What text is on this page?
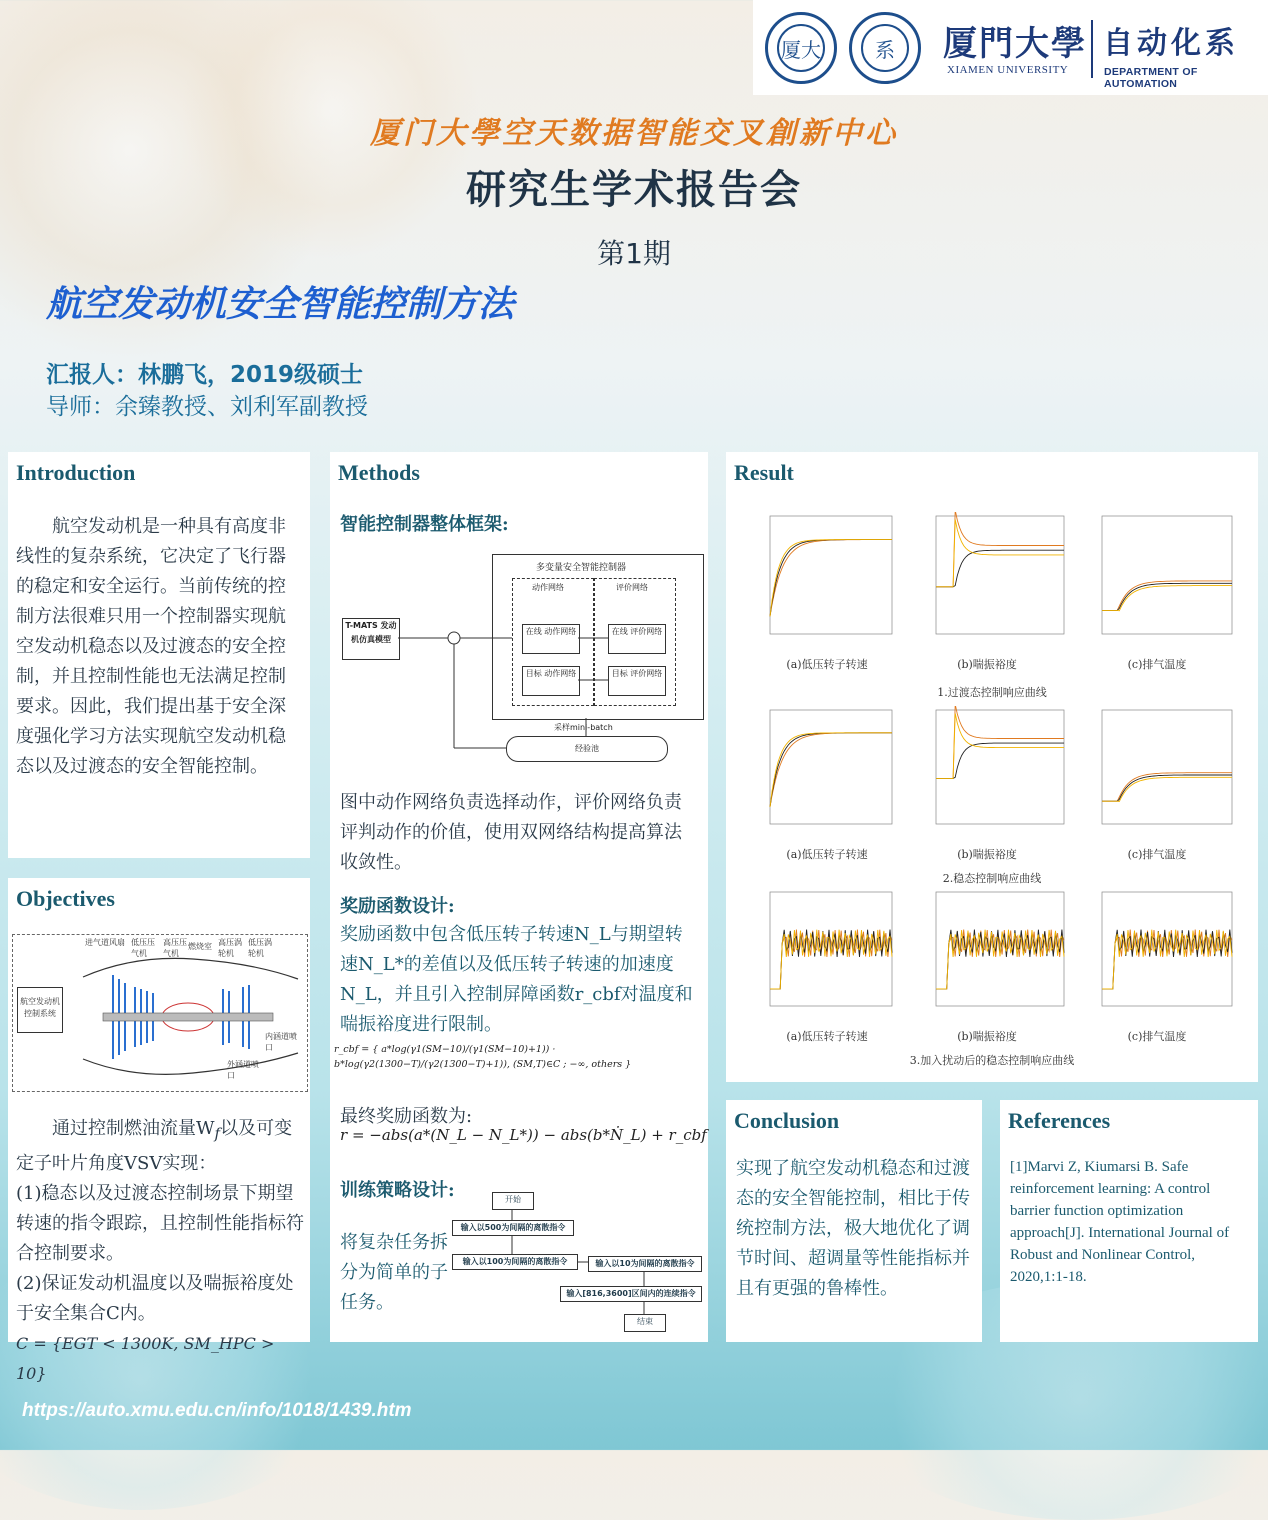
厦大	系	厦門大學
XIAMEN UNIVERSITY
自动化系
DEPARTMENT OF AUTOMATION
厦门大學空天数据智能交叉創新中心
研究生学术报告会
第1期
航空发动机安全智能控制方法
汇报人：林鹏飞，2019级硕士
导师：余臻教授、刘利军副教授
Introduction
航空发动机是一种具有高度非线性的复杂系统，它决定了飞行器的稳定和安全运行。当前传统的控制方法很难只用一个控制器实现航空发动机稳态以及过渡态的安全控制，并且控制性能也无法满足控制要求。因此，我们提出基于安全深度强化学习方法实现航空发动机稳态以及过渡态的安全智能控制。
Objectives
航空发动机控制系统
进气道风扇 低压压气机
高压压气机
燃烧室 高压涡轮机
低压涡轮机
内涵道喷口
外涵道喷口
通过控制燃油流量$W_f$以及可变定子叶片角度VSV实现：
(1)稳态以及过渡态控制场景下期望转速的指令跟踪，且控制性能指标符合控制要求。
(2)保证发动机温度以及喘振裕度处于安全集合C内。
C = {EGT < 1300K, SM_HPC > 10}
Methods
智能控制器整体框架:
多变量安全智能控制器
动作网络	评价网络
在线 动作网络
目标 动作网络
在线 评价网络
目标 评价网络
T-MATS 发动机仿真模型
经验池
采样mini-batch
图中动作网络负责选择动作，评价网络负责评判动作的价值，使用双网络结构提高算法收敛性。
奖励函数设计:
奖励函数中包含低压转子转速N_L与期望转速N_L*的差值以及低压转子转速的加速度N_L，并且引入控制屏障函数r_cbf对温度和喘振裕度进行限制。
r_cbf = { a*log(γ1(SM−10)/(γ1(SM−10)+1)) · b*log(γ2(1300−T)/(γ2(1300−T)+1)), (SM,T)∈C ; −∞, others }
最终奖励函数为:
r = −abs(a*(N_L − N_L*)) − abs(b*Ṅ_L) + r_cbf
训练策略设计:
将复杂任务拆分为简单的子任务。
开始
输入以500为间隔的离散指令
输入以100为间隔的离散指令	输入以10为间隔的离散指令
输入[816,3600]区间内的连续指令
结束
Result
(a)低压转子转速	(b)喘振裕度	(c)排气温度
1.过渡态控制响应曲线
(a)低压转子转速	(b)喘振裕度	(c)排气温度
2.稳态控制响应曲线
(a)低压转子转速	(b)喘振裕度	(c)排气温度
3.加入扰动后的稳态控制响应曲线
Conclusion
实现了航空发动机稳态和过渡态的安全智能控制，相比于传统控制方法，极大地优化了调节时间、超调量等性能指标并且有更强的鲁棒性。
References
[1]Marvi Z, Kiumarsi B. Safe reinforcement learning: A control barrier function optimization approach[J]. International Journal of Robust and Nonlinear Control, 2020,1:1-18.
https://auto.xmu.edu.cn/info/1018/1439.htm
